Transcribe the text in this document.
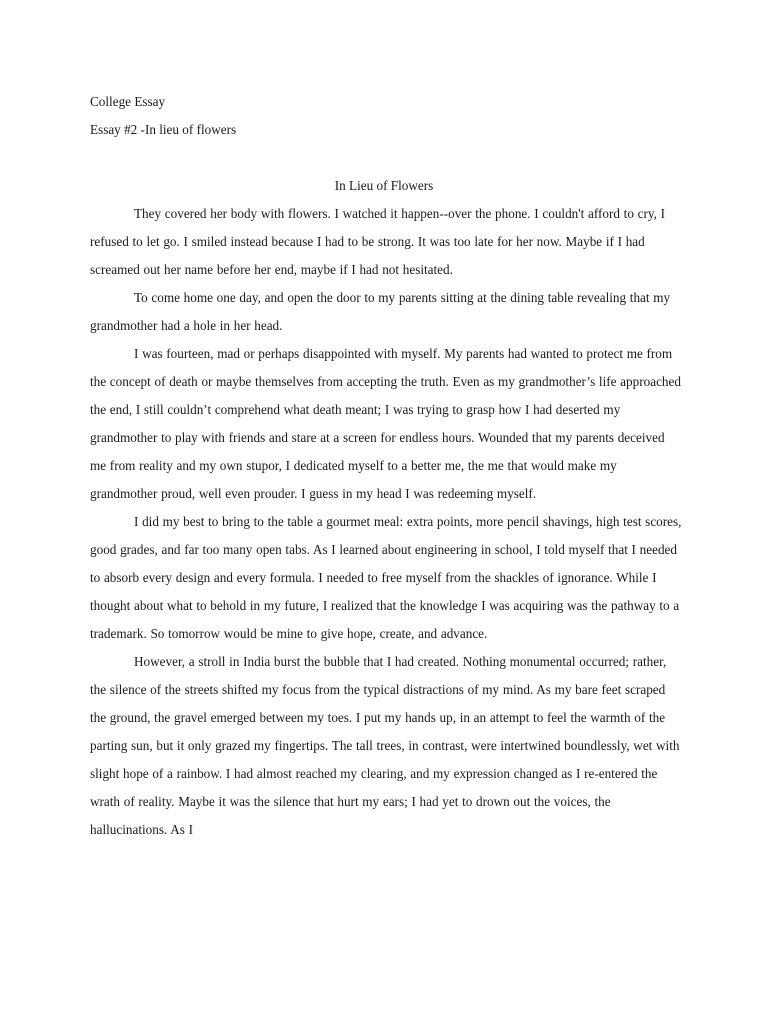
College Essay

Essay #2 -In lieu of flowers

In Lieu of Flowers

They covered her body with flowers. I watched it happen--over the phone. I couldn't afford to cry, I refused to let go. I smiled instead because I had to be strong. It was too late for her now. Maybe if I had screamed out her name before her end, maybe if I had not hesitated.

To come home one day, and open the door to my parents sitting at the dining table revealing that my grandmother had a hole in her head.

I was fourteen, mad or perhaps disappointed with myself. My parents had wanted to protect me from the concept of death or maybe themselves from accepting the truth. Even as my grandmother’s life approached the end, I still couldn’t comprehend what death meant; I was trying to grasp how I had deserted my grandmother to play with friends and stare at a screen for endless hours. Wounded that my parents deceived me from reality and my own stupor, I dedicated myself to a better me, the me that would make my grandmother proud, well even prouder. I guess in my head I was redeeming myself.

I did my best to bring to the table a gourmet meal: extra points, more pencil shavings, high test scores, good grades, and far too many open tabs. As I learned about engineering in school, I told myself that I needed to absorb every design and every formula. I needed to free myself from the shackles of ignorance. While I thought about what to behold in my future, I realized that the knowledge I was acquiring was the pathway to a trademark. So tomorrow would be mine to give hope, create, and advance.

However, a stroll in India burst the bubble that I had created. Nothing monumental occurred; rather, the silence of the streets shifted my focus from the typical distractions of my mind. As my bare feet scraped the ground, the gravel emerged between my toes. I put my hands up, in an attempt to feel the warmth of the parting sun, but it only grazed my fingertips. The tall trees, in contrast, were intertwined boundlessly, wet with slight hope of a rainbow. I had almost reached my clearing, and my expression changed as I re-entered the wrath of reality. Maybe it was the silence that hurt my ears; I had yet to drown out the voices, the hallucinations. As I
